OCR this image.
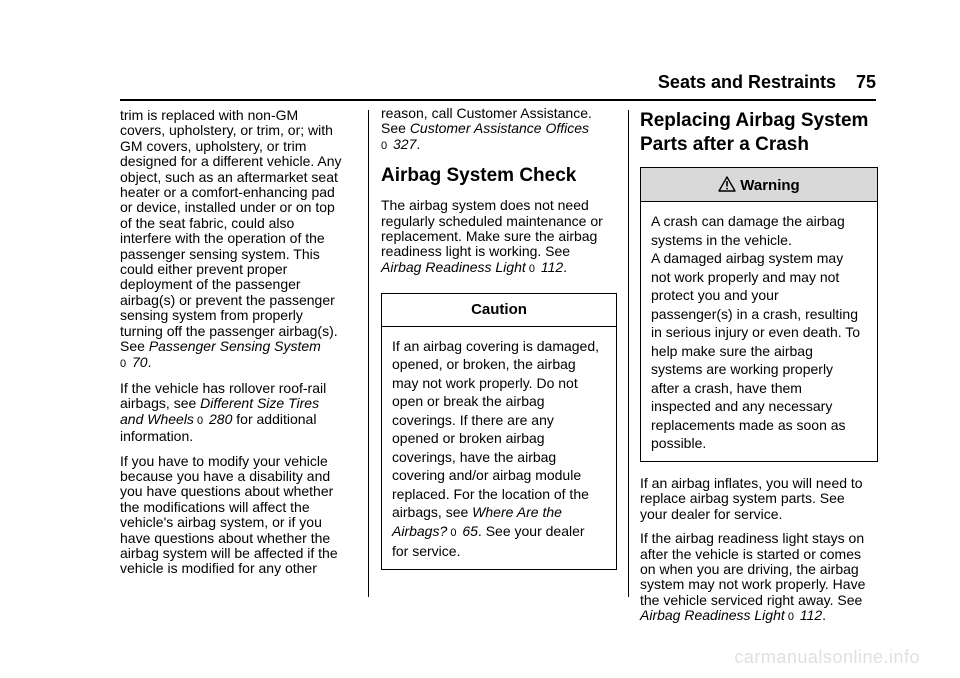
Seats and Restraints 75

trim is replaced with non-GM
covers, upholstery, or trim, or; with
GM covers, upholstery, or trim
designed for a different vehicle. Any
object, such as an aftermarket seat
heater or a comfort-enhancing pad
or device, installed under or on top
of the seat fabric, could also
interfere with the operation of the
passenger sensing system. This
could either prevent proper
deployment of the passenger
airbag(s) or prevent the passenger
sensing system from properly
turning off the passenger airbag(s).
See Passenger Sensing System
0 70.

If the vehicle has rollover roof-rail
airbags, see Different Size Tires
and Wheels 0 280 for additional
information.

If you have to modify your vehicle
because you have a disability and
you have questions about whether
the modifications will affect the
vehicle's airbag system, or if you
have questions about whether the
airbag system will be affected if the
vehicle is modified for any other

reason, call Customer Assistance.
See Customer Assistance Offices
0 327.

Airbag System Check

The airbag system does not need
regularly scheduled maintenance or
replacement. Make sure the airbag
readiness light is working. See
Airbag Readiness Light 0 112.

Caution
If an airbag covering is damaged,
opened, or broken, the airbag
may not work properly. Do not
open or break the airbag
coverings. If there are any
opened or broken airbag
coverings, have the airbag
covering and/or airbag module
replaced. For the location of the
airbags, see Where Are the
Airbags? 0 65. See your dealer
for service.
Replacing Airbag System
Parts after a Crash
Warning
A crash can damage the airbag
systems in the vehicle.
A damaged airbag system may
not work properly and may not
protect you and your
passenger(s) in a crash, resulting
in serious injury or even death. To
help make sure the airbag
systems are working properly
after a crash, have them
inspected and any necessary
replacements made as soon as
possible.

If an airbag inflates, you will need to
replace airbag system parts. See
your dealer for service.

If the airbag readiness light stays on
after the vehicle is started or comes
on when you are driving, the airbag
system may not work properly. Have
the vehicle serviced right away. See
Airbag Readiness Light 0 112.

carmanualsonline.info
